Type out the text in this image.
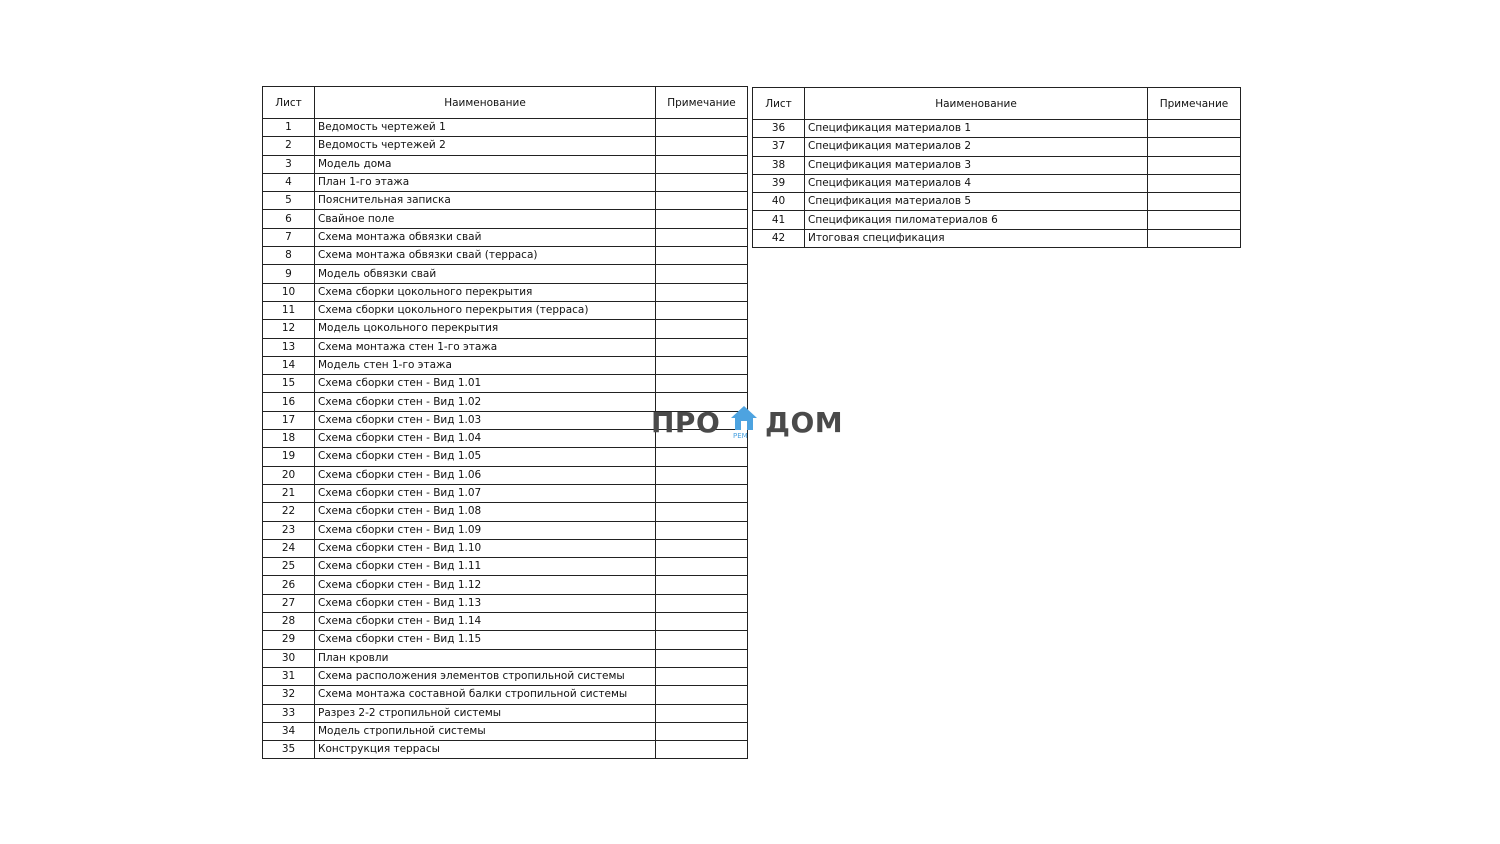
Лист	Наименование	Примечание
1	Ведомость чертежей 1	
2	Ведомость чертежей 2	
3	Модель дома	
4	План 1-го этажа	
5	Пояснительная записка	
6	Свайное поле	
7	Схема монтажа обвязки свай	
8	Схема монтажа обвязки свай (терраса)	
9	Модель обвязки свай	
10	Схема сборки цокольного перекрытия	
11	Схема сборки цокольного перекрытия (терраса)	
12	Модель цокольного перекрытия	
13	Схема монтажа стен 1-го этажа	
14	Модель стен 1-го этажа	
15	Схема сборки стен - Вид 1.01	
16	Схема сборки стен - Вид 1.02	
17	Схема сборки стен - Вид 1.03	
18	Схема сборки стен - Вид 1.04	
19	Схема сборки стен - Вид 1.05	
20	Схема сборки стен - Вид 1.06	
21	Схема сборки стен - Вид 1.07	
22	Схема сборки стен - Вид 1.08	
23	Схема сборки стен - Вид 1.09	
24	Схема сборки стен - Вид 1.10	
25	Схема сборки стен - Вид 1.11	
26	Схема сборки стен - Вид 1.12	
27	Схема сборки стен - Вид 1.13	
28	Схема сборки стен - Вид 1.14	
29	Схема сборки стен - Вид 1.15	
30	План кровли	
31	Схема расположения элементов стропильной системы	
32	Схема монтажа составной балки стропильной системы	
33	Разрез 2-2 стропильной системы	
34	Модель стропильной системы	
35	Конструкция террасы	
Лист	Наименование	Примечание
36	Спецификация материалов 1	
37	Спецификация материалов 2	
38	Спецификация материалов 3	
39	Спецификация материалов 4	
40	Спецификация материалов 5	
41	Спецификация пиломатериалов 6	
42	Итоговая спецификация	
ПРО РЕМ ДОМ
